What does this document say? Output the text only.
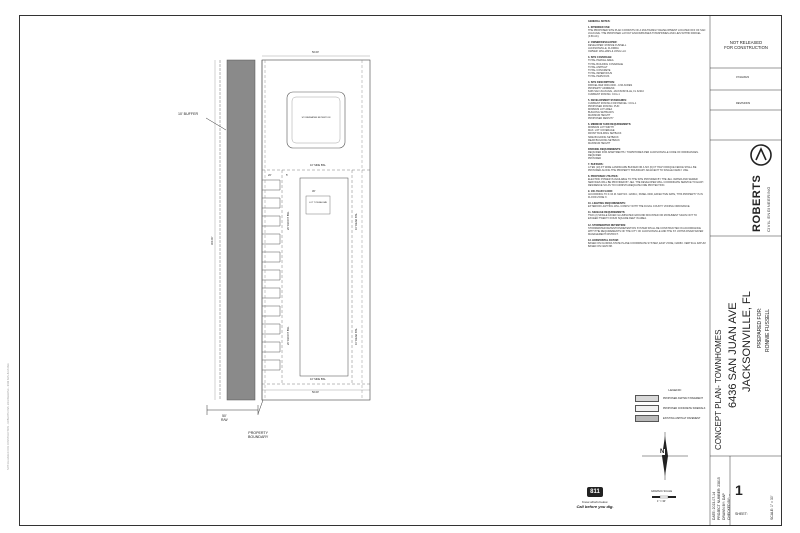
NOT RELEASED FOR CONSTRUCTION - ROBERTS CIVIL ENGINEERING - 6436 SAN JUAN AVE
10' BUFFER
50'
R/W
PROPERTY
BOUNDARY
10' SIDE BSL
10' SIDE BSL
STORMWATER RETENTION
LOT TOWNHOME
20' FRONT BSL
20' FRONT BSL
10' REAR BSL
10' REAR BSL
300.00'
50.00'
50.00'
20'	5'
30'
GENERAL NOTES:
1. INTENDED USE:
THE PROPOSED SITE PLAN CONSISTS OF A MULTIFAMILY DEVELOPMENT LOCATED OFF OF SAN JUAN AVE. THE PROPOSED LAYOUT ENCOMPASSES TOWNHOMES AND LIES WITHIN PARCEL (0.66 AC).
2. OWNER/DEVELOPER:
DEVELOPER: RONNIE FUSSELL
JACKSONVILLE, FLORIDA
OWNER: WILLIAMS & JONG LLC
3. SITE COVERAGE:
TOTAL PARCEL AREA
TOTAL BUILDING COVERAGE
TOTAL ASPHALT
TOTAL CONCRETE
TOTAL IMPERVIOUS
TOTAL PERVIOUS
4. SITE DESCRIPTION:
PARCEL RE# 0000-0000 - 0.66 ACRES
PROPERTY ADDRESS:
6436 SAN JUAN AVE, JACKSONVILLE, FL 32210
CURRENT ZONING: CCG-1
5. DEVELOPMENT STANDARDS:
CURRENT ZONING FOR PARCEL: CCG-1
PROPOSED ZONING: PUD
MINIMUM LOT AREA
BUILDING SETBACKS
MAXIMUM HEIGHT
PROPOSED DENSITY
6. MINIMUM YARD REQUIREMENTS:
MINIMUM LOT WIDTH
MAX. LOT COVERAGE
FRONT BUILDING SETBACK
SIDE BUILDING SETBACK
REAR BUILDING SETBACK
MAXIMUM HEIGHT
PARKING REQUIREMENTS:
REQUIRED FOR APARTMENTS / TOWNHOMES PER JACKSONVILLE CODE OF ORDINANCES.
REQUIRED
PROVIDED
7. BUFFERS:
A TEN (10) FT WIDE LANDSCAPE BUFFER OR A SIX (6) FT HIGH OPAQUE FENCE SHALL BE PROVIDED ALONG THE PROPERTY BOUNDARY ADJACENT TO SINGLE FAMILY USE.
8. PROPOSED UTILITIES:
ELECTRIC POWER IS AVAILABLE TO THE SITE PROVIDED BY THE JEA. WATER AND SEWER SERVICES WILL BE PROVIDED BY JEA. THE DEVELOPER WILL COORDINATE SERVICE TO EACH RESIDENCE SO AS TO FURNISH ADEQUATE FIRE PROTECTION.
9. 100-YEAR FLOOD:
ACCORDING TO F.I.R.M. MAP NO. 12031C, PANEL 0000, EFFECTIVE DATE, THIS PROPERTY IS IN FLOOD ZONE X.
10. LIGHTING REQUIREMENTS:
EXTERIOR LIGHTING WILL COMPLY WITH THE DUVAL COUNTY ZONING ORDINANCE.
11. SIGNAGE REQUIREMENTS:
TWO (2) SINGLE FACED ILLUMINATED GROUND MOUNTED OR MONUMENT SIGNS NOT TO EXCEED TWENTY-FOUR SQUARE FEET IN AREA.
12. STORMWATER RETENTION:
STORMWATER RETENTION/DETENTION SYSTEM SHALL BE CONSTRUCTED IN ACCORDANCE WITH THE REQUIREMENTS OF THE CITY OF JACKSONVILLE AND THE ST. JOHNS RIVER WATER MANAGEMENT DISTRICT.
13. HORIZONTAL DATUM:
BASED ON FLORIDA STATE PLANE COORDINATE SYSTEM, EAST ZONE, NAD83. VERTICAL DATUM BASED ON NAVD 88.
LEGEND:
PROPOSED ASPHALT PAVEMENT
PROPOSED CONCRETE SIDEWALK
EXISTING ASPHALT PAVEMENT
N
GRAPHIC SCALE
1" = 30'
811
Know what's below.
Call before you dig.
NOT RELEASED
FOR CONSTRUCTION
07/14/2023
REVISIONS
ROBERTS CIVIL ENGINEERING
CONCEPT PLAN- TOWNHOMES 6436 SAN JUAN AVE JACKSONVILLE, FL PREPARED FOR: RONNIE FUSSELL
DATE: 2023-07-14 PROJECT NUMBER: 23815 DRAWN BY: DAP CHECKED BY: --	SCALE: 1" = 30'
1
SHEET:
